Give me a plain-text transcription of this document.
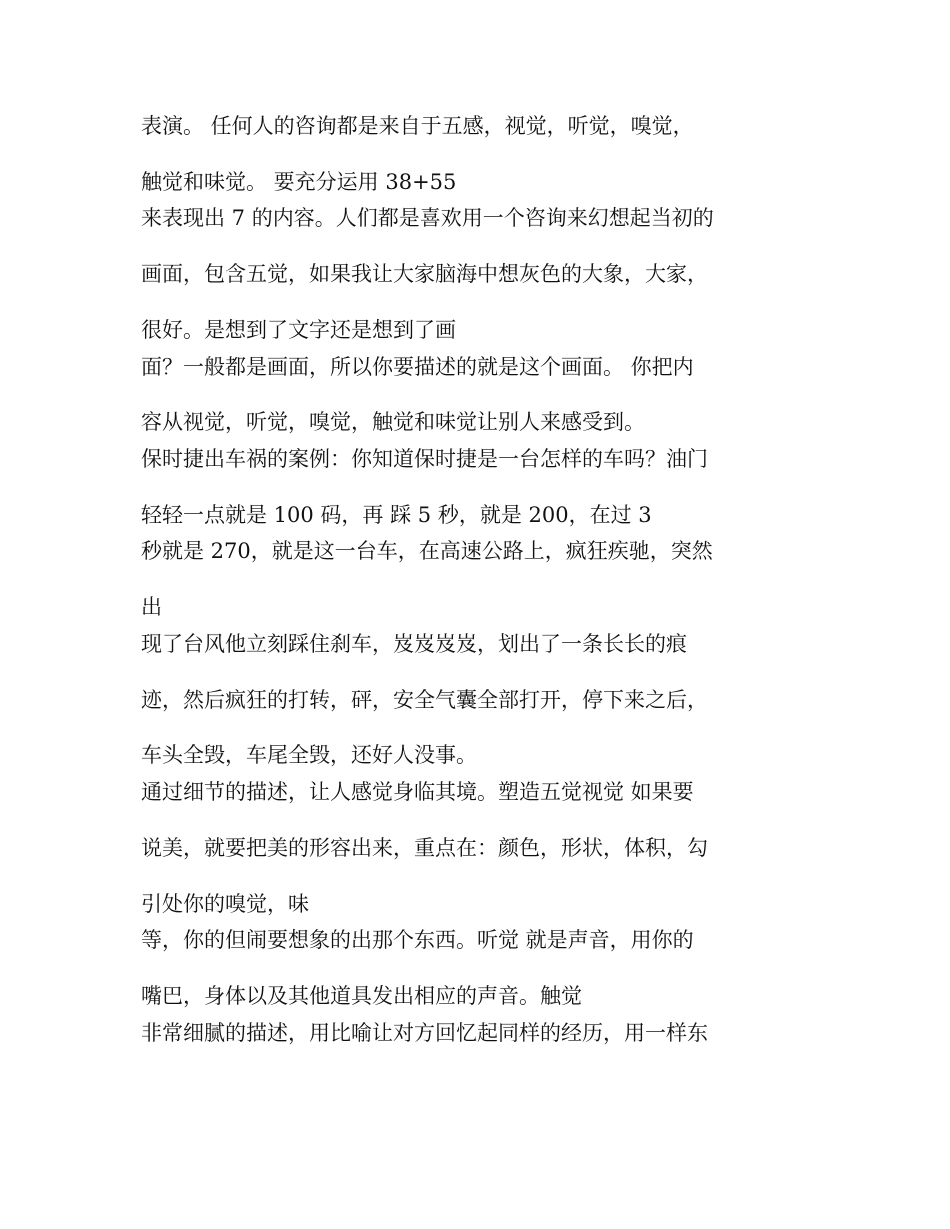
表演。 任何人的咨询都是来自于五感，视觉，听觉，嗅觉，
触觉和味觉。 要充分运用 38+55
来表现出 7 的内容。人们都是喜欢用一个咨询来幻想起当初的
画面，包含五觉，如果我让大家脑海中想灰色的大象，大家，
很好。是想到了文字还是想到了画
面？一般都是画面，所以你要描述的就是这个画面。 你把内
容从视觉，听觉，嗅觉，触觉和味觉让别人来感受到。
保时捷出车祸的案例：你知道保时捷是一台怎样的车吗？油门
轻轻一点就是 100 码，再 踩 5 秒，就是 200，在过 3
秒就是 270，就是这一台车，在高速公路上，疯狂疾驰，突然
出
现了台风他立刻踩住刹车，岌岌岌岌，划出了一条长长的痕
迹，然后疯狂的打转，砰，安全气囊全部打开，停下来之后，
车头全毁，车尾全毁，还好人没事。
通过细节的描述，让人感觉身临其境。塑造五觉视觉 如果要
说美，就要把美的形容出来，重点在：颜色，形状，体积，勾
引处你的嗅觉，味
等，你的但闹要想象的出那个东西。听觉 就是声音，用你的
嘴巴，身体以及其他道具发出相应的声音。触觉
非常细腻的描述，用比喻让对方回忆起同样的经历，用一样东
